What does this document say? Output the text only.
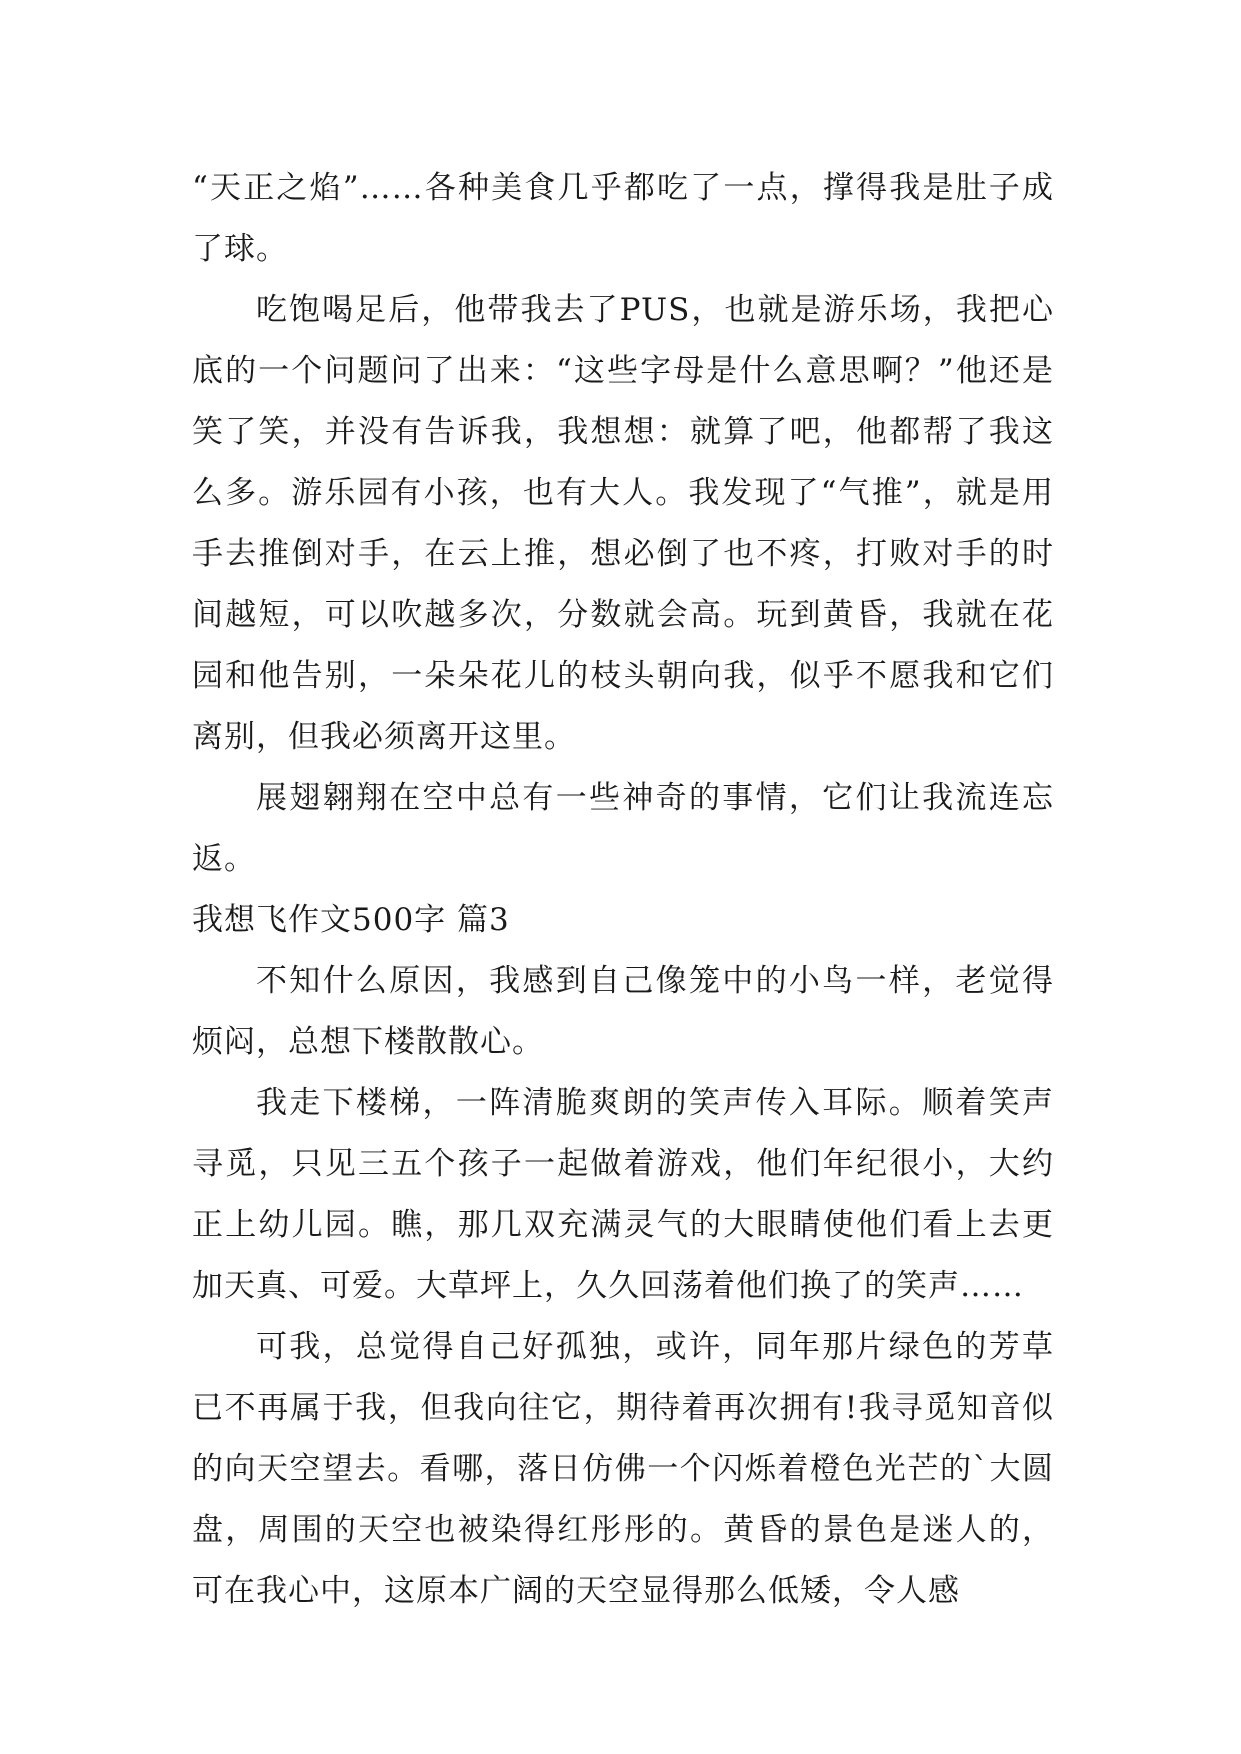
“天正之焰”……各种美食几乎都吃了一点，撑得我是肚子成了球。

吃饱喝足后，他带我去了PUS，也就是游乐场，我把心底的一个问题问了出来：“这些字母是什么意思啊？”他还是笑了笑，并没有告诉我，我想想：就算了吧，他都帮了我这么多。游乐园有小孩，也有大人。我发现了“气推”，就是用手去推倒对手，在云上推，想必倒了也不疼，打败对手的时间越短，可以吹越多次，分数就会高。玩到黄昏，我就在花园和他告别，一朵朵花儿的枝头朝向我，似乎不愿我和它们离别，但我必须离开这里。

展翅翱翔在空中总有一些神奇的事情，它们让我流连忘返。

我想飞作文500字 篇3

不知什么原因，我感到自己像笼中的小鸟一样，老觉得烦闷，总想下楼散散心。

我走下楼梯，一阵清脆爽朗的笑声传入耳际。顺着笑声寻觅，只见三五个孩子一起做着游戏，他们年纪很小，大约正上幼儿园。瞧，那几双充满灵气的大眼睛使他们看上去更加天真、可爱。大草坪上，久久回荡着他们换了的笑声……

可我，总觉得自己好孤独，或许，同年那片绿色的芳草已不再属于我，但我向往它，期待着再次拥有!我寻觅知音似的向天空望去。看哪，落日仿佛一个闪烁着橙色光芒的`大圆盘，周围的天空也被染得红彤彤的。黄昏的景色是迷人的，可在我心中，这原本广阔的天空显得那么低矮，令人感
